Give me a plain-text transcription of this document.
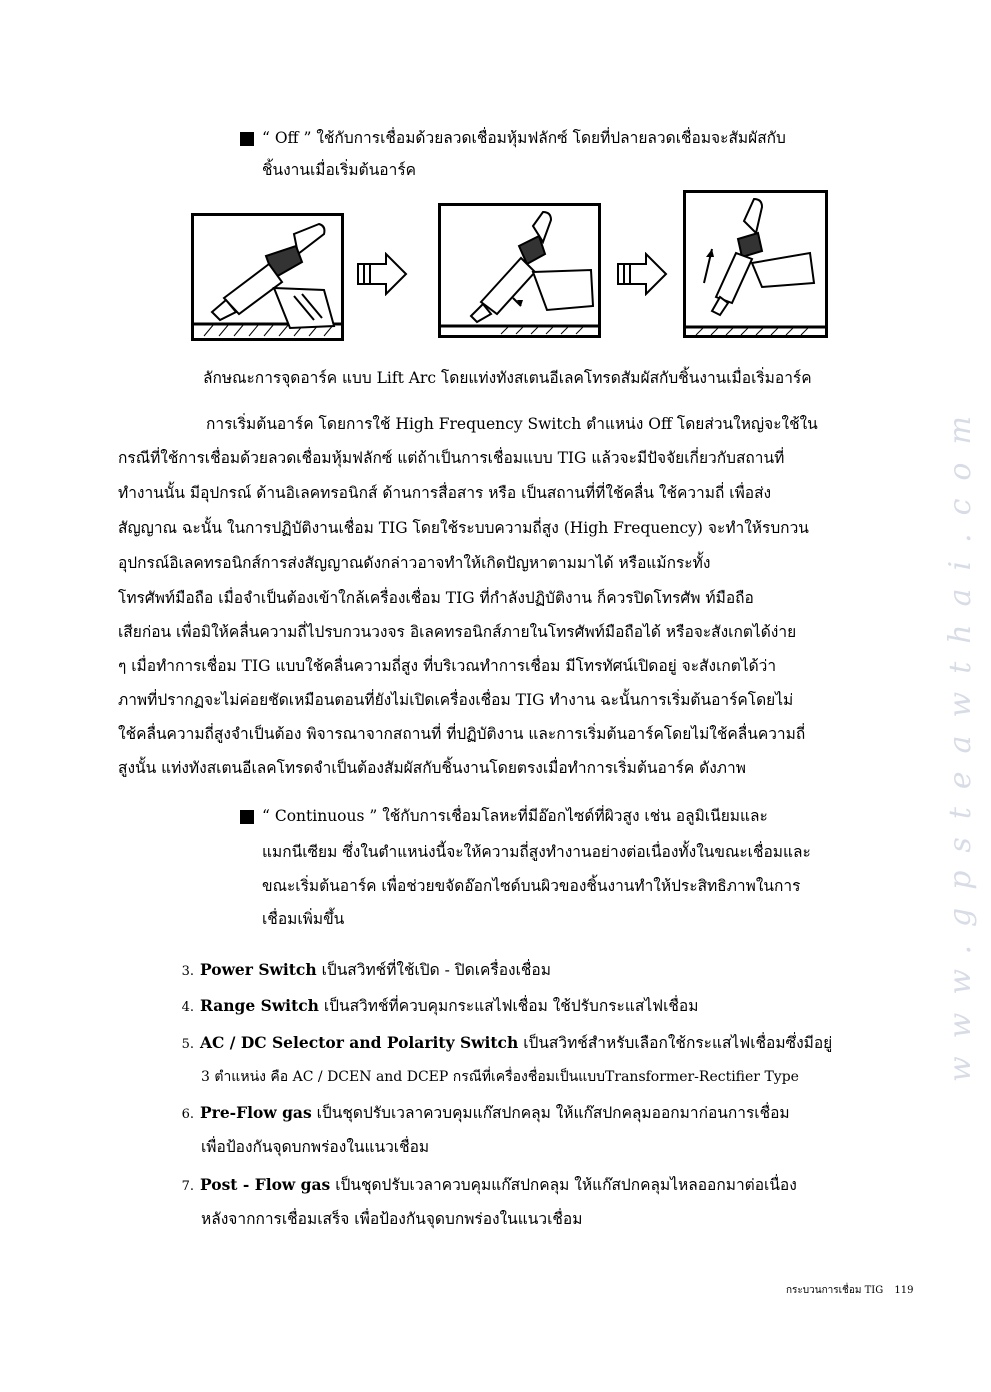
www.gpsteawthai.com
“ Off ” ใช้กับการเชื่อมด้วยลวดเชื่อมหุ้มฟลักซ์ โดยที่ปลายลวดเชื่อมจะสัมผัสกับ
ชิ้นงานเมื่อเริ่มต้นอาร์ค
ลักษณะการจุดอาร์ค แบบ Lift Arc โดยแท่งทังสเตนอีเลคโทรดสัมผัสกับชิ้นงานเมื่อเริ่มอาร์ค
การเริ่มต้นอาร์ค โดยการใช้ High Frequency Switch ตำแหน่ง Off โดยส่วนใหญ่จะใช้ใน
กรณีที่ใช้การเชื่อมด้วยลวดเชื่อมหุ้มฟลักซ์ แต่ถ้าเป็นการเชื่อมแบบ TIG แล้วจะมีปัจจัยเกี่ยวกับสถานที่
ทำงานนั้น มีอุปกรณ์ ด้านอิเลคทรอนิกส์ ด้านการสื่อสาร หรือ เป็นสถานที่ที่ใช้คลื่น ใช้ความถี่ เพื่อส่ง
สัญญาณ ฉะนั้น ในการปฏิบัติงานเชื่อม TIG โดยใช้ระบบความถี่สูง (High Frequency) จะทำให้รบกวน
อุปกรณ์อิเลคทรอนิกส์การส่งสัญญาณดังกล่าวอาจทำให้เกิดปัญหาตามมาได้ หรือแม้กระทั้ง
โทรศัพท์มือถือ เมื่อจำเป็นต้องเข้าใกล้เครื่องเชื่อม TIG ที่กำลังปฏิบัติงาน ก็ควรปิดโทรศัพ ท์มือถือ
เสียก่อน เพื่อมิให้คลื่นความถี่ไปรบกวนวงจร อิเลคทรอนิกส์ภายในโทรศัพท์มือถือได้ หรือจะสังเกตได้ง่าย
ๆ เมื่อทำการเชื่อม TIG แบบใช้คลื่นความถี่สูง ที่บริเวณทำการเชื่อม มีโทรทัศน์เปิดอยู่ จะสังเกตได้ว่า
ภาพที่ปรากฏจะไม่ค่อยชัดเหมือนตอนที่ยังไม่เปิดเครื่องเชื่อม TIG ทำงาน ฉะนั้นการเริ่มต้นอาร์คโดยไม่
ใช้คลื่นความถี่สูงจำเป็นต้อง พิจารณาจากสถานที่ ที่ปฏิบัติงาน และการเริ่มต้นอาร์คโดยไม่ใช้คลื่นความถี่
สูงนั้น แท่งทังสเตนอีเลคโทรดจำเป็นต้องสัมผัสกับชิ้นงานโดยตรงเมื่อทำการเริ่มต้นอาร์ค ดังภาพ
“ Continuous ” ใช้กับการเชื่อมโลหะที่มีอ๊อกไซด์ที่ผิวสูง เช่น อลูมิเนียมและ
แมกนีเซียม ซึ่งในตำแหน่งนี้จะให้ความถี่สูงทำงานอย่างต่อเนื่องทั้งในขณะเชื่อมและ
ขณะเริ่มต้นอาร์ค เพื่อช่วยขจัดอ๊อกไซด์บนผิวของชิ้นงานทำให้ประสิทธิภาพในการ
เชื่อมเพิ่มขึ้น
3. Power Switch เป็นสวิทช์ที่ใช้เปิด - ปิดเครื่องเชื่อม
4. Range Switch เป็นสวิทช์ที่ควบคุมกระแสไฟเชื่อม ใช้ปรับกระแสไฟเชื่อม
5. AC / DC Selector and Polarity Switch เป็นสวิทช์สำหรับเลือกใช้กระแสไฟเชื่อมซึ่งมีอยู่
3 ตำแหน่ง คือ AC / DCEN and DCEP กรณีที่เครื่องชื่อมเป็นแบบTransformer-Rectifier Type
6. Pre-Flow gas เป็นชุดปรับเวลาควบคุมแก๊สปกคลุม ให้แก๊สปกคลุมออกมาก่อนการเชื่อม
เพื่อป้องกันจุดบกพร่องในแนวเชื่อม
7. Post - Flow gas เป็นชุดปรับเวลาควบคุมแก๊สปกคลุม ให้แก๊สปกคลุมไหลออกมาต่อเนื่อง
หลังจากการเชื่อมเสร็จ เพื่อป้องกันจุดบกพร่องในแนวเชื่อม
กระบวนการเชื่อม TIG 119
